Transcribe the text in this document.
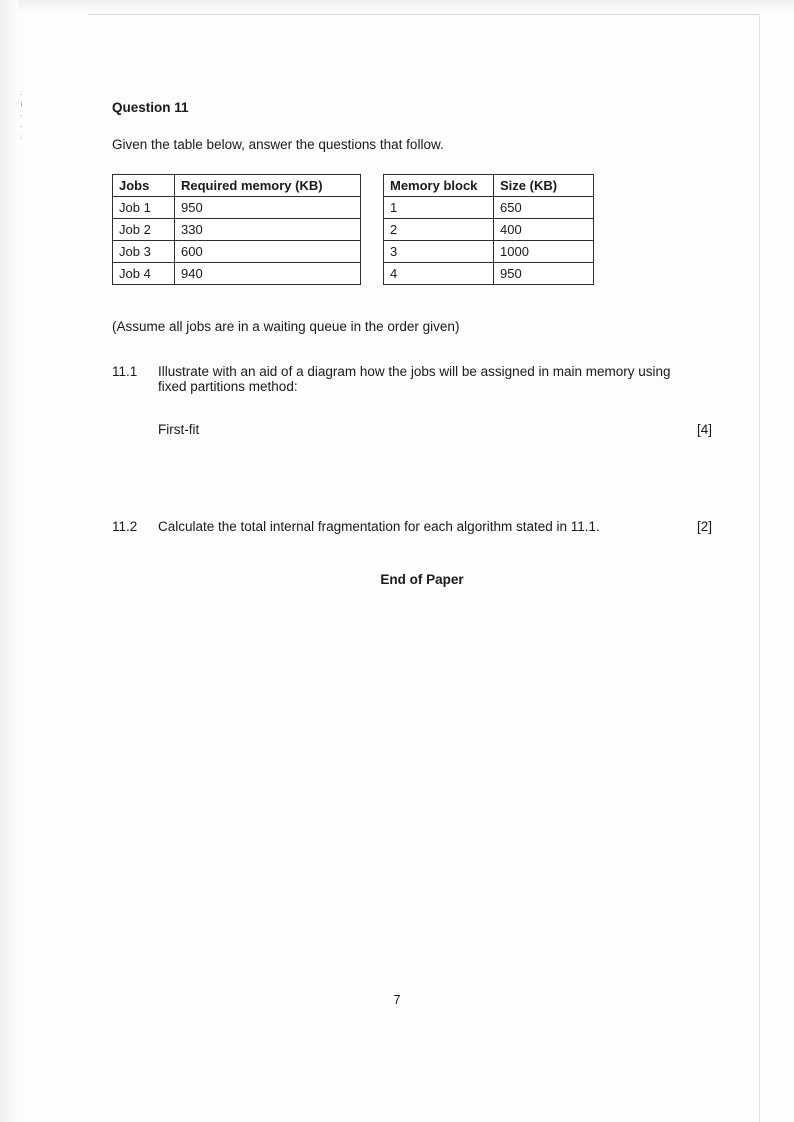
:
)
-
-
:
Question 11
Given the table below, answer the questions that follow.
Jobs	Required memory (KB)
Job 1	950
Job 2	330
Job 3	600
Job 4	940
Memory block	Size (KB)
1	650
2	400
3	1000
4	950
(Assume all jobs are in a waiting queue in the order given)
11.1	Illustrate with an aid of a diagram how the jobs will be assigned in main memory using fixed partitions method:
First-fit	[4]
11.2	Calculate the total internal fragmentation for each algorithm stated in 11.1.	[2]
End of Paper
7
